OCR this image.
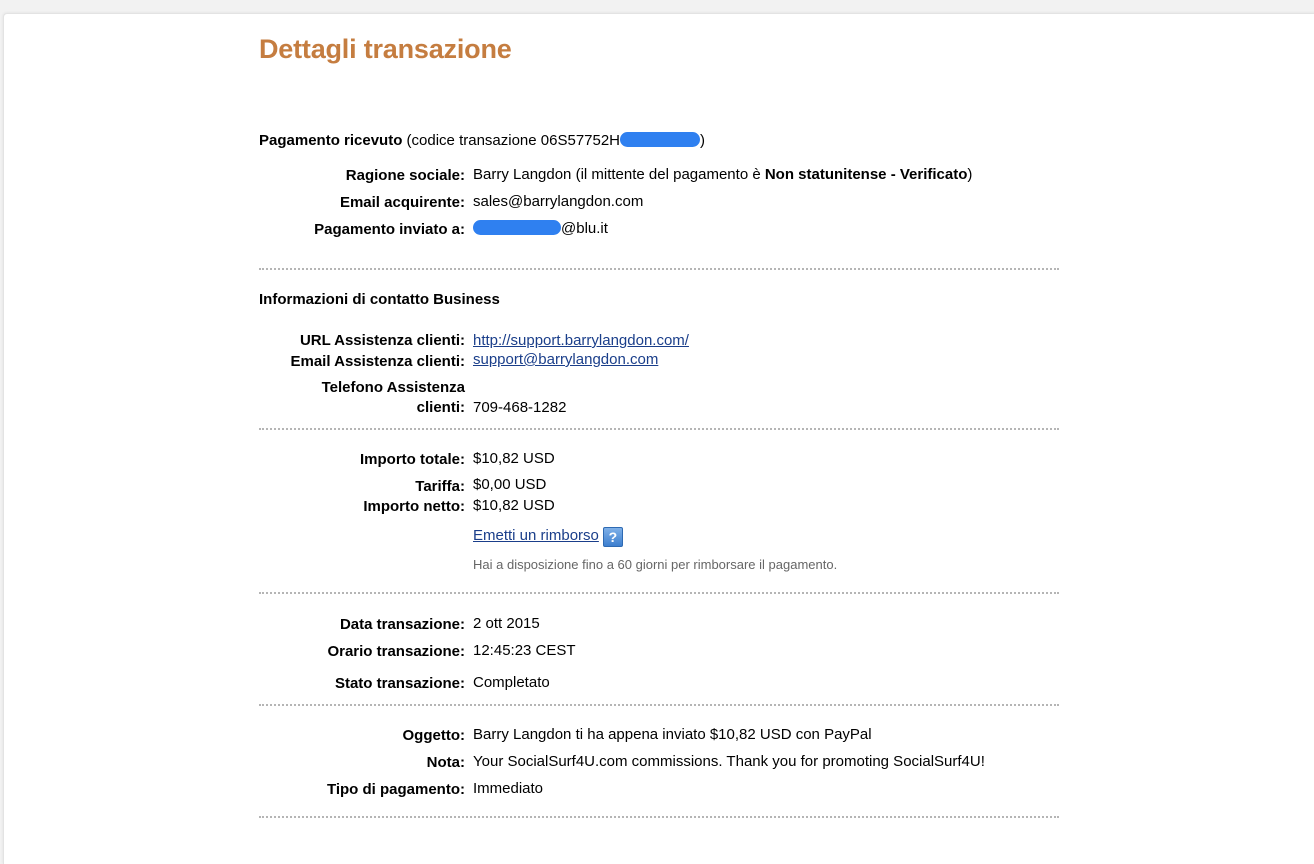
Dettagli transazione
Pagamento ricevuto (codice transazione 06S57752H	)
Ragione sociale: Barry Langdon (il mittente del pagamento è Non statunitense - Verificato)
Email acquirente: sales@barrylangdon.com
Pagamento inviato a:	@blu.it
Informazioni di contatto Business
URL Assistenza clienti: http://support.barrylangdon.com/
Email Assistenza clienti: support@barrylangdon.com
Telefono Assistenza
clienti: 709-468-1282
Importo totale: $10,82 USD
Tariffa: $0,00 USD
Importo netto: $10,82 USD
Emetti un rimborso ?
Hai a disposizione fino a 60 giorni per rimborsare il pagamento.
Data transazione: 2 ott 2015
Orario transazione: 12:45:23 CEST
Stato transazione: Completato
Oggetto: Barry Langdon ti ha appena inviato $10,82 USD con PayPal
Nota: Your SocialSurf4U.com commissions. Thank you for promoting SocialSurf4U!
Tipo di pagamento: Immediato
